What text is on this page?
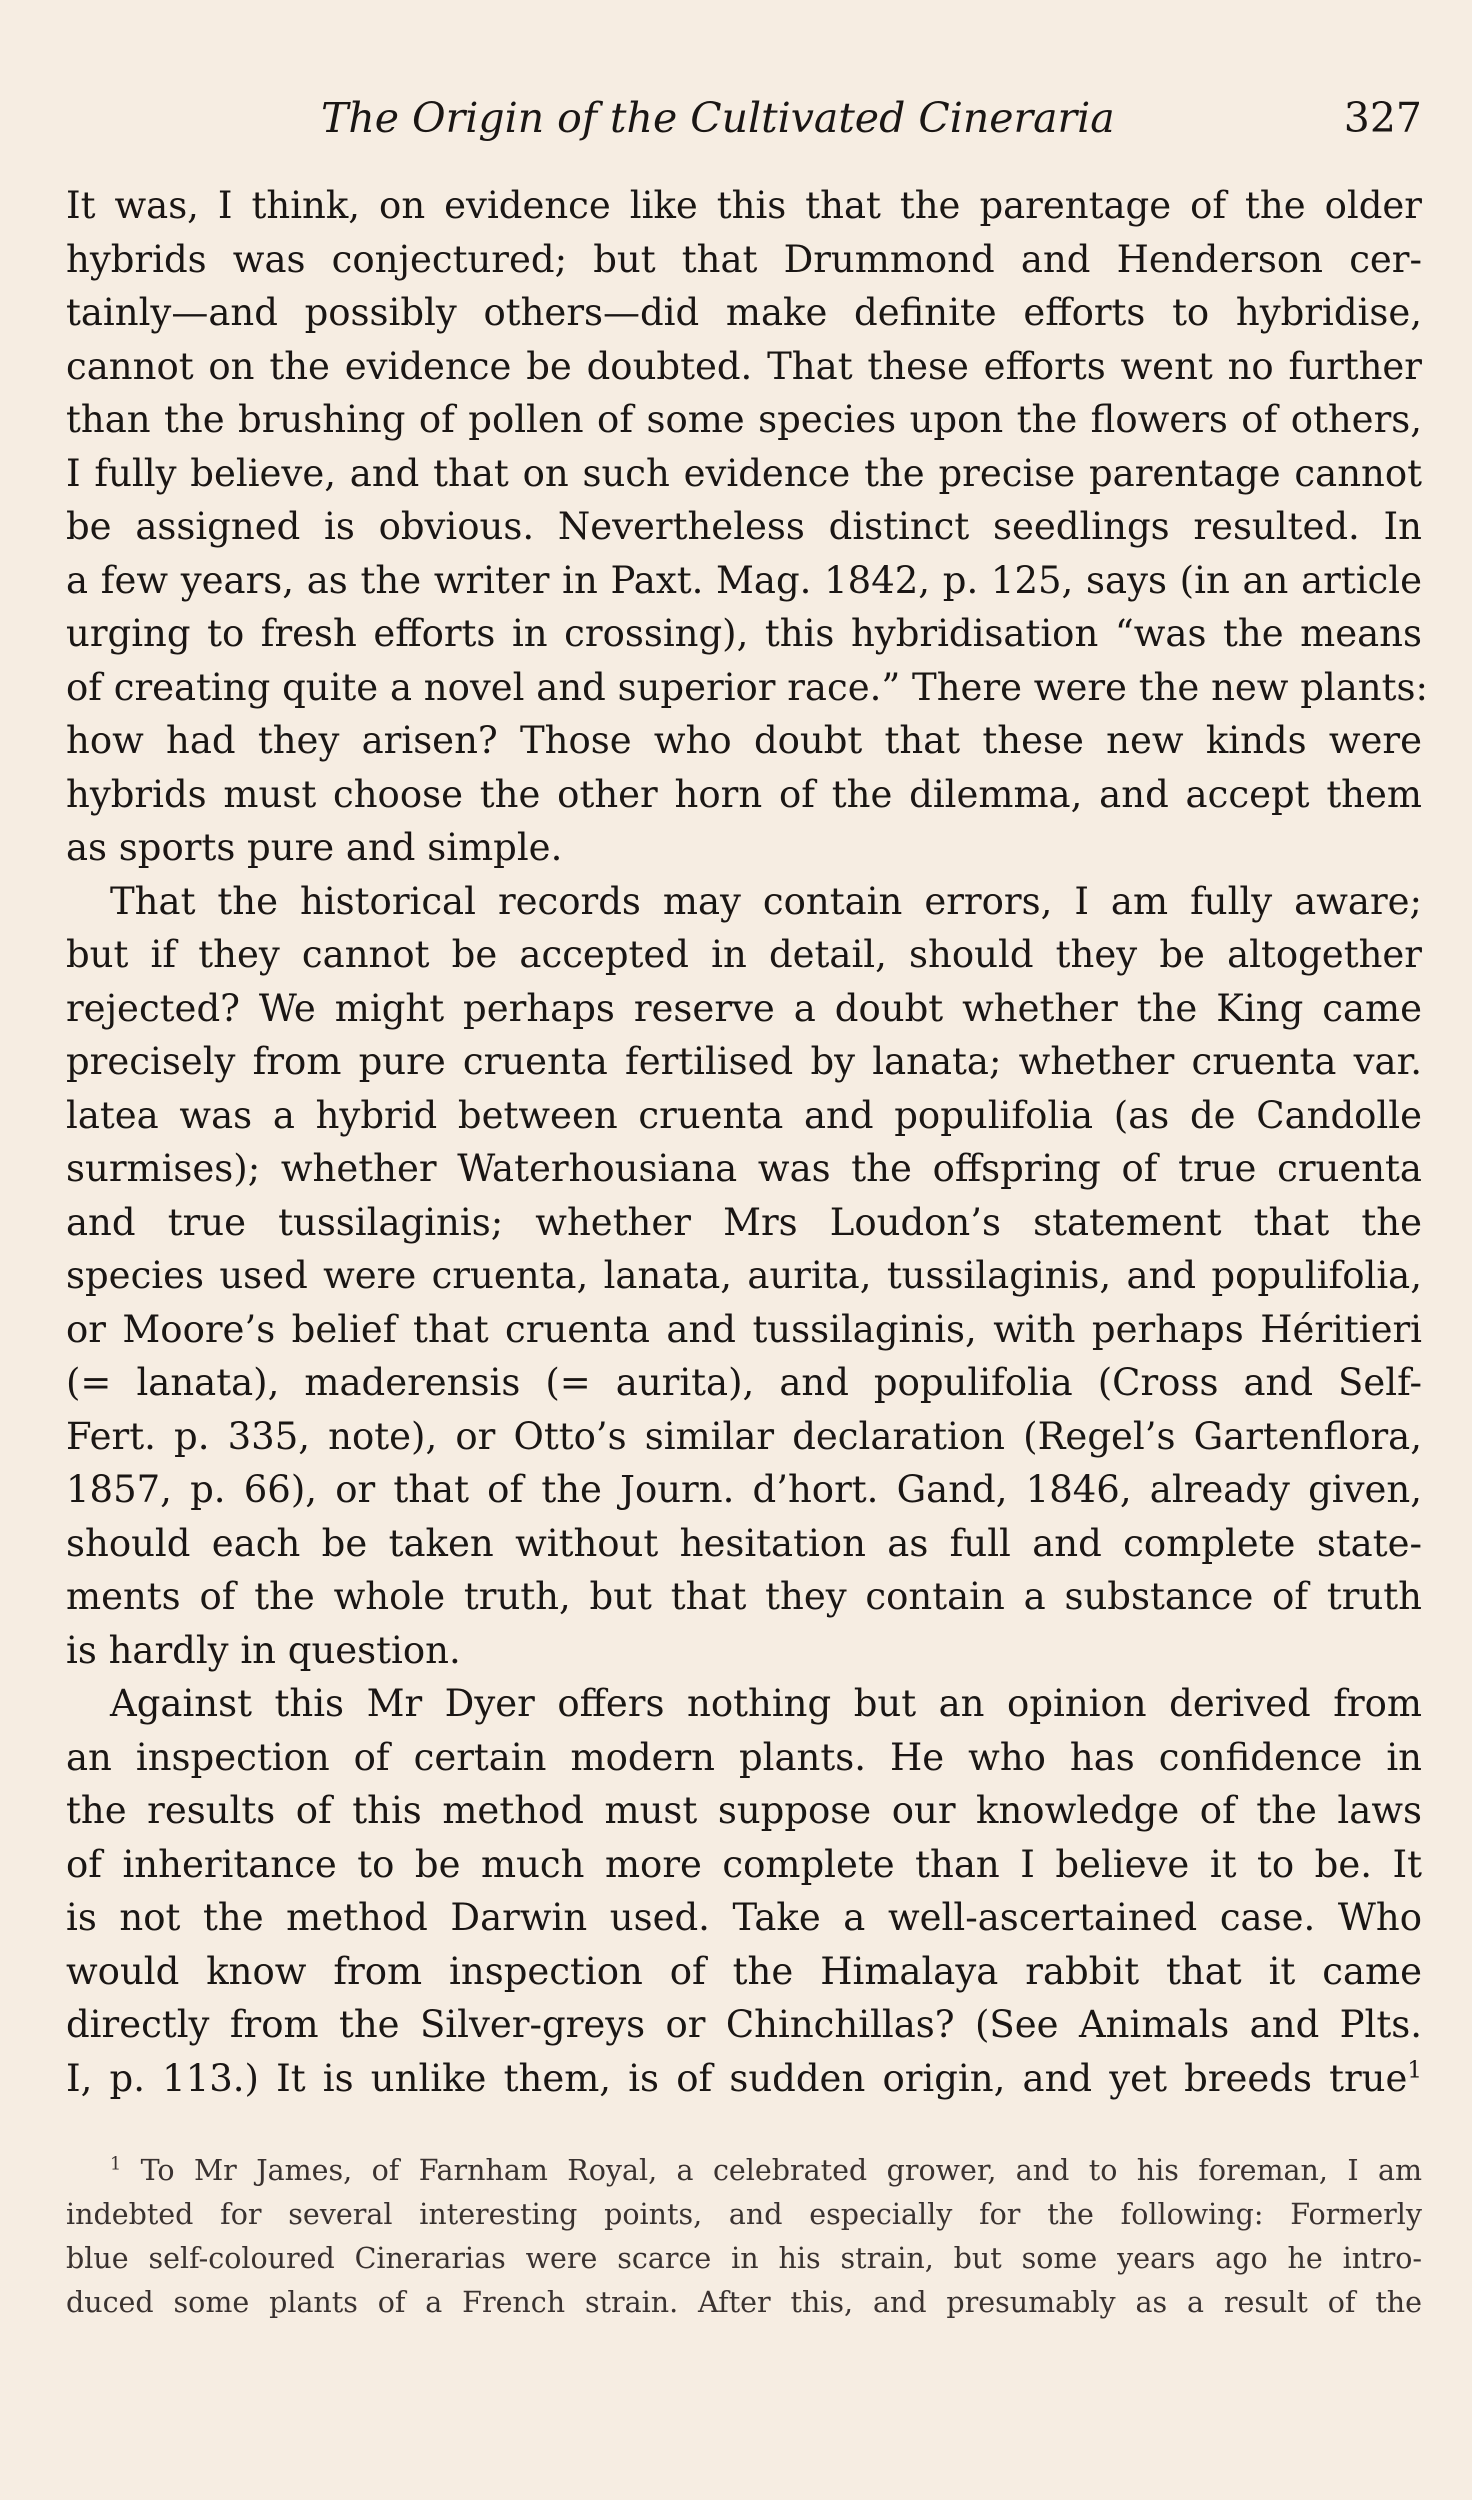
The Origin of the Cultivated Cineraria	327
It was, I think, on evidence like this that the parentage of the older
hybrids was conjectured; but that Drummond and Henderson cer-
tainly—and possibly others—did make definite efforts to hybridise,
cannot on the evidence be doubted. That these efforts went no further
than the brushing of pollen of some species upon the flowers of others,
I fully believe, and that on such evidence the precise parentage cannot
be assigned is obvious. Nevertheless distinct seedlings resulted. In
a few years, as the writer in Paxt. Mag. 1842, p. 125, says (in an article
urging to fresh efforts in crossing), this hybridisation “was the means
of creating quite a novel and superior race.” There were the new plants:
how had they arisen? Those who doubt that these new kinds were
hybrids must choose the other horn of the dilemma, and accept them
as sports pure and simple.
That the historical records may contain errors, I am fully aware;
but if they cannot be accepted in detail, should they be altogether
rejected? We might perhaps reserve a doubt whether the King came
precisely from pure cruenta fertilised by lanata; whether cruenta var.
latea was a hybrid between cruenta and populifolia (as de Candolle
surmises); whether Waterhousiana was the offspring of true cruenta
and true tussilaginis; whether Mrs Loudon’s statement that the
species used were cruenta, lanata, aurita, tussilaginis, and populifolia,
or Moore’s belief that cruenta and tussilaginis, with perhaps Héritieri
(= lanata), maderensis (= aurita), and populifolia (Cross and Self-
Fert. p. 335, note), or Otto’s similar declaration (Regel’s Gartenflora,
1857, p. 66), or that of the Journ. d’hort. Gand, 1846, already given,
should each be taken without hesitation as full and complete state-
ments of the whole truth, but that they contain a substance of truth
is hardly in question.
Against this Mr Dyer offers nothing but an opinion derived from
an inspection of certain modern plants. He who has confidence in
the results of this method must suppose our knowledge of the laws
of inheritance to be much more complete than I believe it to be. It
is not the method Darwin used. Take a well-ascertained case. Who
would know from inspection of the Himalaya rabbit that it came
directly from the Silver-greys or Chinchillas? (See Animals and Plts.
I, p. 113.) It is unlike them, is of sudden origin, and yet breeds true$^1$
$^1$ To Mr James, of Farnham Royal, a celebrated grower, and to his foreman, I am
indebted for several interesting points, and especially for the following: Formerly
blue self-coloured Cinerarias were scarce in his strain, but some years ago he intro-
duced some plants of a French strain. After this, and presumably as a result of the
